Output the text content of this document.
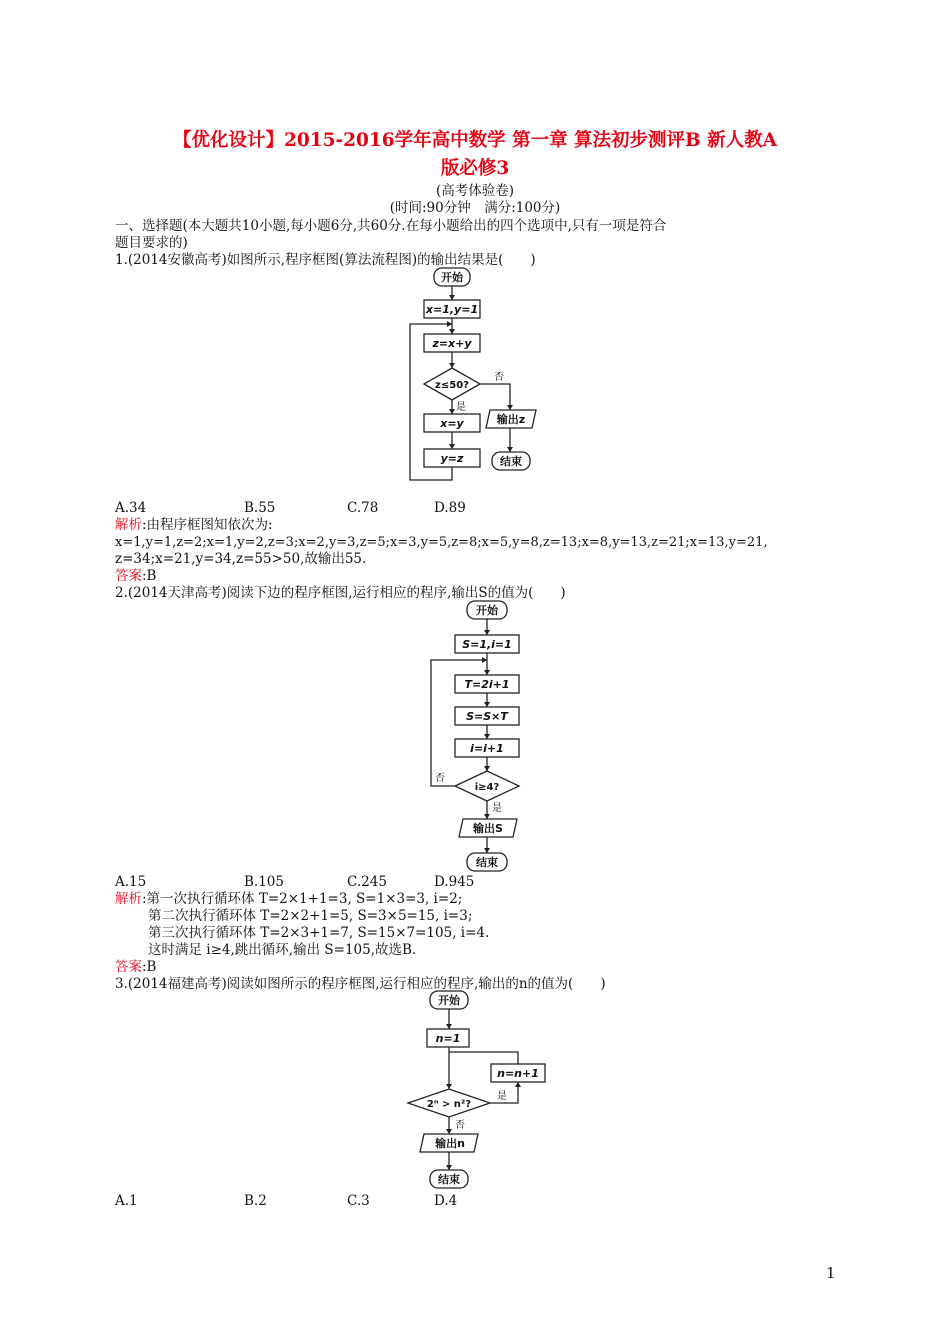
【优化设计】2015-2016学年高中数学 第一章 算法初步测评B 新人教A
版必修3
(高考体验卷)
(时间:90分钟　满分:100分)
一、选择题(本大题共10小题,每小题6分,共60分.在每小题给出的四个选项中,只有一项是符合
题目要求的)
1.(2014安徽高考)如图所示,程序框图(算法流程图)的输出结果是(　　)
开始
x=1,y=1
z=x+y
z≤50?
x=y
y=z
输出z
结束
否
是
A.34	B.55	C.78	D.89
解析:由程序框图知依次为:
x=1,y=1,z=2;x=1,y=2,z=3;x=2,y=3,z=5;x=3,y=5,z=8;x=5,y=8,z=13;x=8,y=13,z=21;x=13,y=21,
z=34;x=21,y=34,z=55>50,故输出55.
答案:B
2.(2014天津高考)阅读下边的程序框图,运行相应的程序,输出S的值为(　　)
开始
S=1,i=1
T=2i+1
S=S×T
i=i+1
i≥4?
输出S
结束
否
是
A.15	B.105	C.245	D.945
解析:第一次执行循环体 T=2×1+1=3, S=1×3=3, i=2;
第二次执行循环体 T=2×2+1=5, S=3×5=15, i=3;
第三次执行循环体 T=2×3+1=7, S=15×7=105, i=4.
这时满足 i≥4,跳出循环,输出 S=105,故选B.
答案:B
3.(2014福建高考)阅读如图所示的程序框图,运行相应的程序,输出的n的值为(　　)
开始
n=1
n=n+1
2ⁿ > n²?
输出n
结束
是
否
A.1	B.2	C.3	D.4
1
